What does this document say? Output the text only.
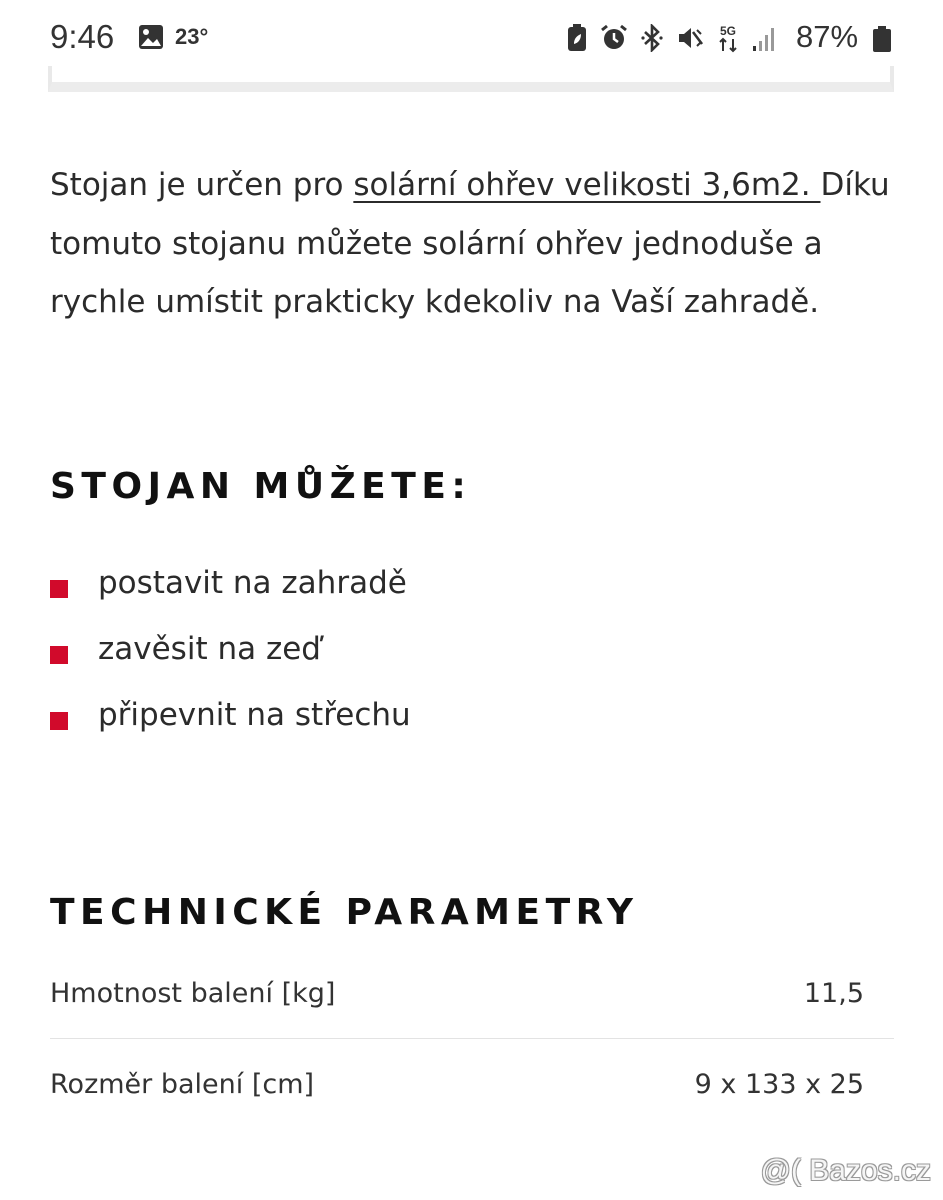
9:46	23°	5G 87%

Stojan je určen pro solární ohřev velikosti 3,6m2. Díku tomuto stojanu můžete solární ohřev jednoduše a rychle umístit prakticky kdekoliv na Vaší zahradě.

STOJAN MŮŽETE:
postavit na zahradě
zavěsit na zeď
připevnit na střechu
TECHNICKÉ PARAMETRY
Hmotnost balení [kg]	11,5
Rozměr balení [cm]	9 x 133 x 25
@( Bazos.cz
